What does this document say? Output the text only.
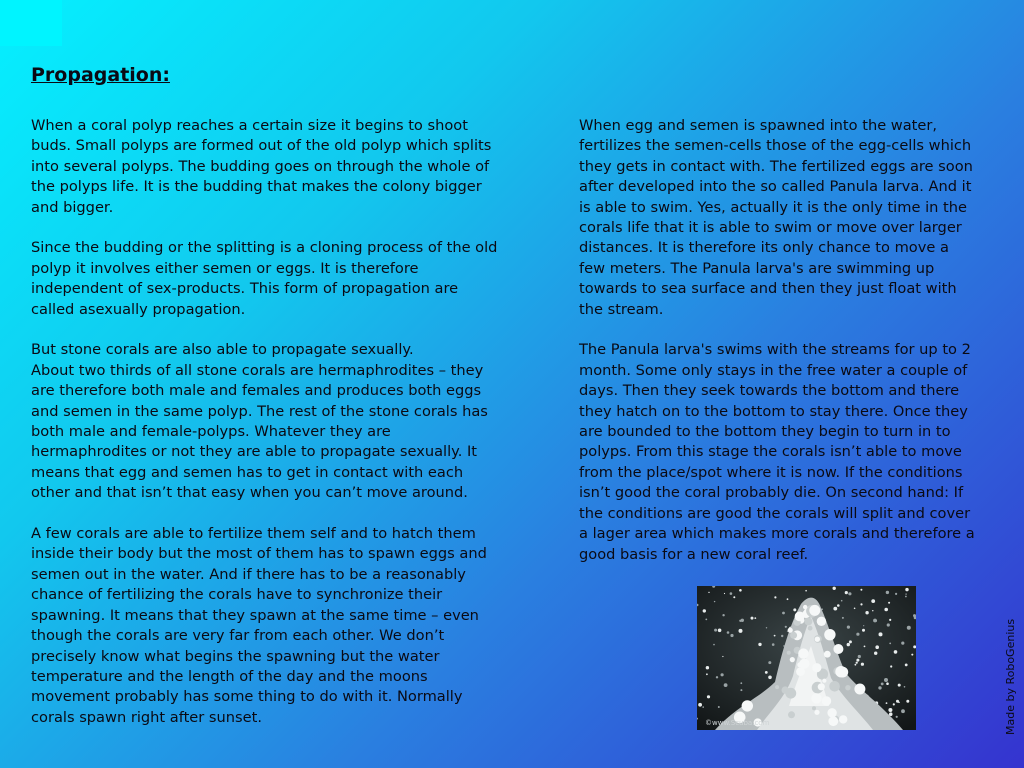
Propagation:

When a coral polyp reaches a certain size it begins to shoot buds. Small polyps are formed out of the old polyp which splits into several polyps. The budding goes on through the whole of the polyps life. It is the budding that makes the colony bigger and bigger.

Since the budding or the splitting is a cloning process of the old polyp it involves either semen or eggs. It is therefore independent of sex-products. This form of propagation are called asexually propagation.

But stone corals are also able to propagate sexually.
About two thirds of all stone corals are hermaphrodites – they are therefore both male and females and produces both eggs and semen in the same polyp. The rest of the stone corals has both male and female-polyps. Whatever they are hermaphrodites or not they are able to propagate sexually. It means that egg and semen has to get in contact with each other and that isn’t that easy when you can’t move around.

A few corals are able to fertilize them self and to hatch them inside their body but the most of them has to spawn eggs and semen out in the water. And if there has to be a reasonably chance of fertilizing the corals have to synchronize their spawning. It means that they spawn at the same time – even though the corals are very far from each other. We don’t precisely know what begins the spawning but the water temperature and the length of the day and the moons movement probably has some thing to do with it. Normally corals spawn right after sunset.

When egg and semen is spawned into the water, fertilizes the semen-cells those of the egg-cells which they gets in contact with. The fertilized eggs are soon after developed into the so called Panula larva. And it is able to swim. Yes, actually it is the only time in the corals life that it is able to swim or move over larger distances. It is therefore its only chance to move a few meters. The Panula larva's are swimming up towards to sea surface and then they just float with the stream.

The Panula larva's swims with the streams for up to 2 month. Some only stays in the free water a couple of days. Then they seek towards the bottom and there they hatch on to the bottom to stay there. Once they are bounded to the bottom they begin to turn in to polyps. From this stage the corals isn’t able to move from the place/spot where it is now. If the conditions isn’t good the coral probably die. On second hand: If the conditions are good the corals will split and cover a lager area which makes more corals and therefore a good basis for a new coral reef.

©www.Scuba.com	Made by RoboGenius
